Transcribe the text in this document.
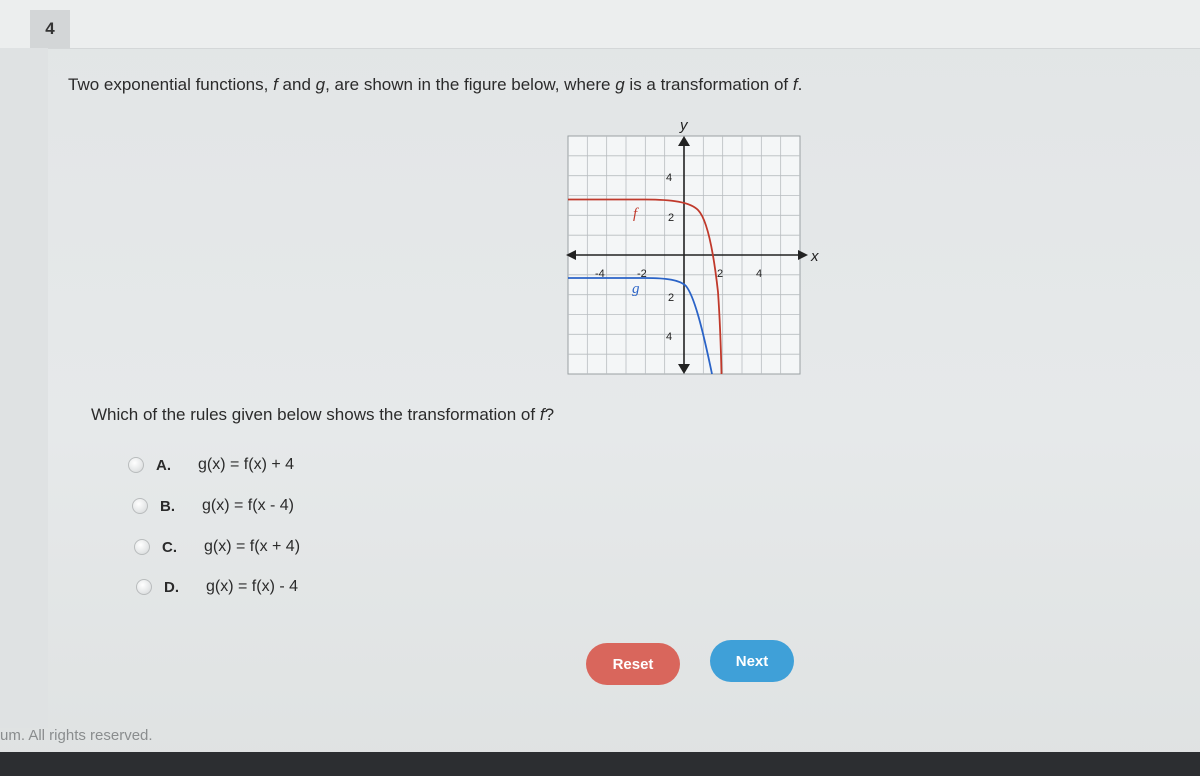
4
Two exponential functions, f and g, are shown in the figure below, where g is a transformation of f.
y
x
-4	-2	2	4
4
2
2
4
f
g
Which of the rules given below shows the transformation of f?
A.	g(x) = f(x) + 4
B.	g(x) = f(x - 4)
C.	g(x) = f(x + 4)
D.	g(x) = f(x) - 4
Reset	Next
um. All rights reserved.
